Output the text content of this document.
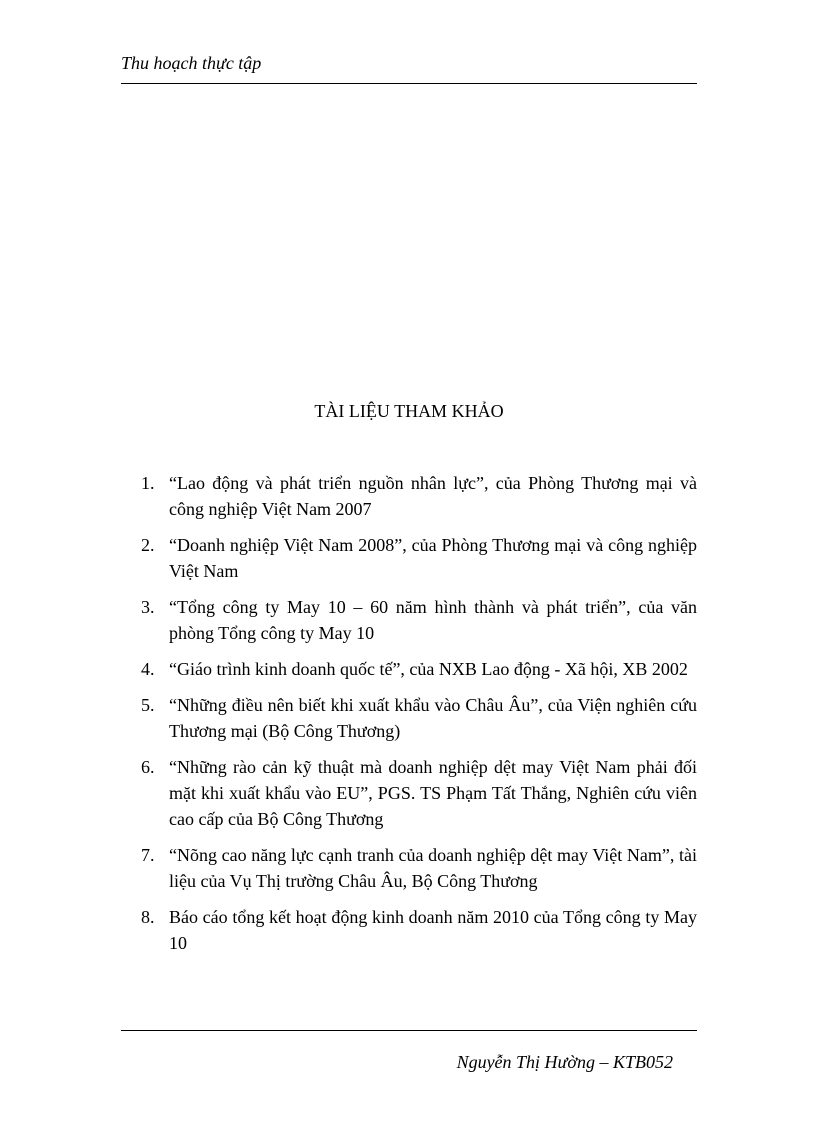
Thu hoạch thực tập

TÀI LIỆU THAM KHẢO
1. “Lao động và phát triển nguồn nhân lực”, của Phòng Thương mại và công nghiệp Việt Nam 2007
2. “Doanh nghiệp Việt Nam 2008”, của Phòng Thương mại và công nghiệp Việt Nam
3. “Tổng công ty May 10 – 60 năm hình thành và phát triển”, của văn phòng Tổng công ty May 10
4. “Giáo trình kinh doanh quốc tế”, của NXB Lao động - Xã hội, XB 2002
5. “Những điều nên biết khi xuất khẩu vào Châu Âu”, của Viện nghiên cứu Thương mại (Bộ Công Thương)
6. “Những rào cản kỹ thuật mà doanh nghiệp dệt may Việt Nam phải đối mặt khi xuất khẩu vào EU”, PGS. TS Phạm Tất Thắng, Nghiên cứu viên cao cấp của Bộ Công Thương
7. “Nõng cao năng lực cạnh tranh của doanh nghiệp dệt may Việt Nam”, tài liệu của Vụ Thị trường Châu Âu, Bộ Công Thương
8. Báo cáo tổng kết hoạt động kinh doanh năm 2010 của Tổng công ty May 10

Nguyễn Thị Hường – KTB052
